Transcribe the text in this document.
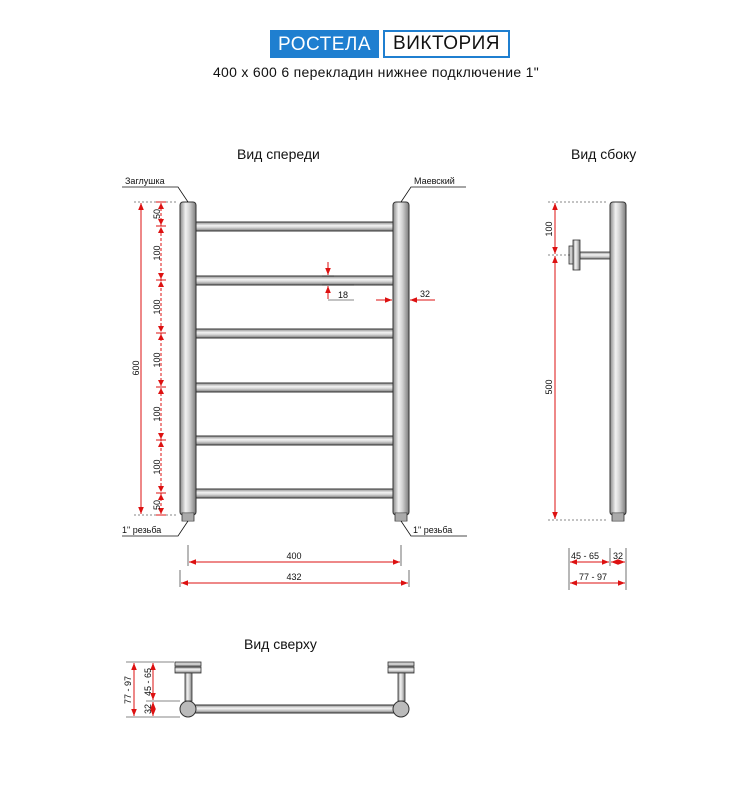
РОСТЕЛА	ВИКТОРИЯ
400 х 600 6 перекладин нижнее подключение 1"
Вид спереди	Вид сбоку
Вид сверху
Заглушка	Маевский
1" резьба	1" резьба
600
50
100
100
100
100
100
50
18	32
400
432
100
500
45 - 65 32
77 - 97
77 - 97 45 - 65
32
